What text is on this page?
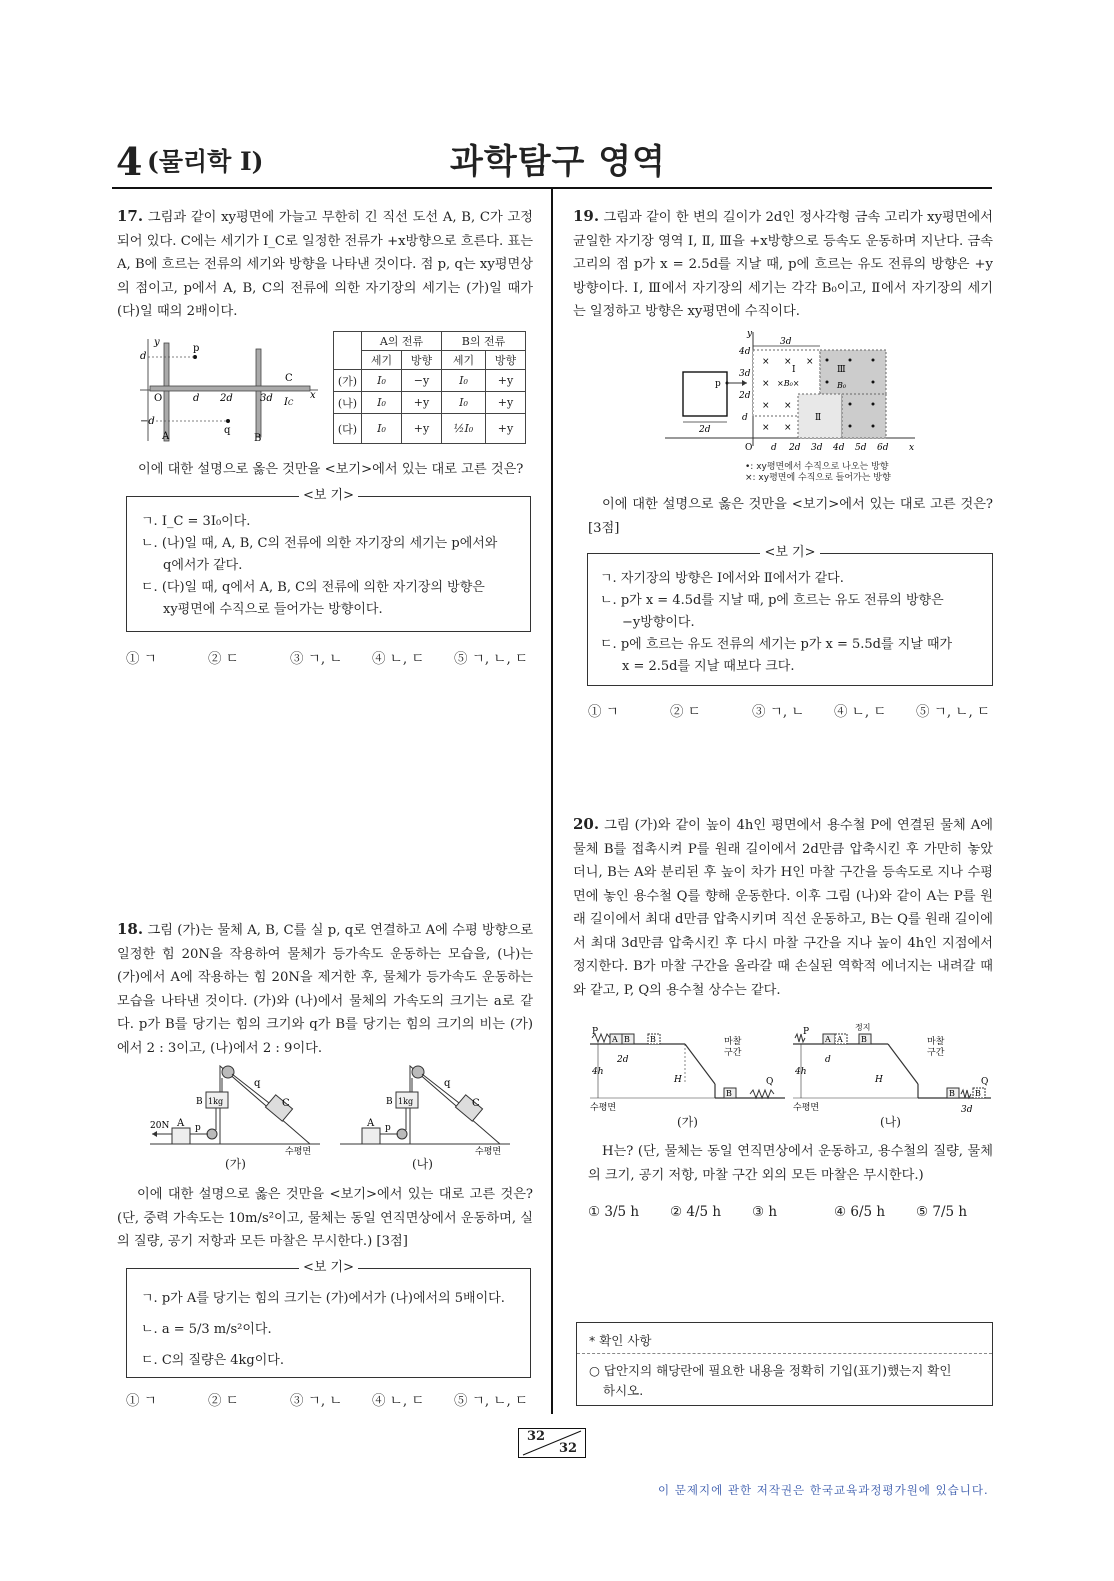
4 (물리학 I)	과학탐구 영역
17. 그림과 같이 xy평면에 가늘고 무한히 긴 직선 도선 A, B, C가 고정되어 있다. C에는 세기가 I_C로 일정한 전류가 +x방향으로 흐른다. 표는 A, B에 흐르는 전류의 세기와 방향을 나타낸 것이다. 점 p, q는 xy평면상의 점이고, p에서 A, B, C의 전류에 의한 자기장의 세기는 (가)일 때가 (다)일 때의 2배이다.
y
x
p
q
d
−d
O	d 2d	3d
A	B
C
IC
	A의 전류		B의 전류	
	세기	방향	세기	방향
(가)	I₀	−y	I₀	+y
(나)	I₀	+y	I₀	+y
(다)	I₀	+y	½I₀	+y
이에 대한 설명으로 옳은 것만을 <보기>에서 있는 대로 고른 것은?
<보 기>
ㄱ. I_C = 3I₀이다.
ㄴ. (나)일 때, A, B, C의 전류에 의한 자기장의 세기는 p에서와
q에서가 같다.
ㄷ. (다)일 때, q에서 A, B, C의 전류에 의한 자기장의 방향은
xy평면에 수직으로 들어가는 방향이다.
① ㄱ	② ㄷ	③ ㄱ, ㄴ	④ ㄴ, ㄷ	⑤ ㄱ, ㄴ, ㄷ
18. 그림 (가)는 물체 A, B, C를 실 p, q로 연결하고 A에 수평 방향으로 일정한 힘 20N을 작용하여 물체가 등가속도 운동하는 모습을, (나)는 (가)에서 A에 작용하는 힘 20N을 제거한 후, 물체가 등가속도 운동하는 모습을 나타낸 것이다. (가)와 (나)에서 물체의 가속도의 크기는 a로 같다. p가 B를 당기는 힘의 크기와 q가 B를 당기는 힘의 크기의 비는 (가)에서 2 : 3이고, (나)에서 2 : 9이다.
C
q
B 1kg
A p
20N
수평면
C
q
B 1kg
A p
수평면
(가)	(나)
이에 대한 설명으로 옳은 것만을 <보기>에서 있는 대로 고른 것은? (단, 중력 가속도는 10m/s²이고, 물체는 동일 연직면상에서 운동하며, 실의 질량, 공기 저항과 모든 마찰은 무시한다.) [3점]
<보 기>
ㄱ. p가 A를 당기는 힘의 크기는 (가)에서가 (나)에서의 5배이다.
ㄴ. a = 5/3 m/s²이다.
ㄷ. C의 질량은 4kg이다.
① ㄱ	② ㄷ	③ ㄱ, ㄴ	④ ㄴ, ㄷ	⑤ ㄱ, ㄴ, ㄷ
19. 그림과 같이 한 변의 길이가 2d인 정사각형 금속 고리가 xy평면에서 균일한 자기장 영역 Ⅰ, Ⅱ, Ⅲ을 +x방향으로 등속도 운동하며 지난다. 금속 고리의 점 p가 x = 2.5d를 지날 때, p에 흐르는 유도 전류의 방향은 +y방향이다. Ⅰ, Ⅲ에서 자기장의 세기는 각각 B₀이고, Ⅱ에서 자기장의 세기는 일정하고 방향은 xy평면에 수직이다.
y
x
O
4d
3d
2d
d
× × ×
× ×B₀×
× ×
× ×
Ⅰ
Ⅱ
Ⅲ
B₀
p
3d
2d
d 2d 3d 4d 5d 6d
•: xy평면에서 수직으로 나오는 방향
×: xy평면에 수직으로 들어가는 방향
이에 대한 설명으로 옳은 것만을 <보기>에서 있는 대로 고른 것은? [3점]
<보 기>
ㄱ. 자기장의 방향은 Ⅰ에서와 Ⅱ에서가 같다.
ㄴ. p가 x = 4.5d를 지날 때, p에 흐르는 유도 전류의 방향은
−y방향이다.
ㄷ. p에 흐르는 유도 전류의 세기는 p가 x = 5.5d를 지날 때가
x = 2.5d를 지날 때보다 크다.
① ㄱ	② ㄷ	③ ㄱ, ㄴ	④ ㄴ, ㄷ	⑤ ㄱ, ㄴ, ㄷ
20. 그림 (가)와 같이 높이 4h인 평면에서 용수철 P에 연결된 물체 A에 물체 B를 접촉시켜 P를 원래 길이에서 2d만큼 압축시킨 후 가만히 놓았더니, B는 A와 분리된 후 높이 차가 H인 마찰 구간을 등속도로 지나 수평면에 놓인 용수철 Q를 향해 운동한다. 이후 그림 (나)와 같이 A는 P를 원래 길이에서 최대 d만큼 압축시키며 직선 운동하고, B는 Q를 원래 길이에서 최대 3d만큼 압축시킨 후 다시 마찰 구간을 지나 높이 4h인 지점에서 정지한다. B가 마찰 구간을 올라갈 때 손실된 역학적 에너지는 내려갈 때와 같고, P, Q의 용수철 상수는 같다.
P
A B	B
2d
4h
H
마찰
구간
B
Q
수평면
P
A A B
정지
d
4h
H
마찰
구간
B	B
Q
3d
수평면
(가)	(나)
H는? (단, 물체는 동일 연직면상에서 운동하고, 용수철의 질량, 물체의 크기, 공기 저항, 마찰 구간 외의 모든 마찰은 무시한다.)
① 3/5 h	② 4/5 h	③ h	④ 6/5 h	⑤ 7/5 h
* 확인 사항
○ 답안지의 해당란에 필요한 내용을 정확히 기입(표기)했는지 확인
하시오.
32
32
이 문제지에 관한 저작권은 한국교육과정평가원에 있습니다.
